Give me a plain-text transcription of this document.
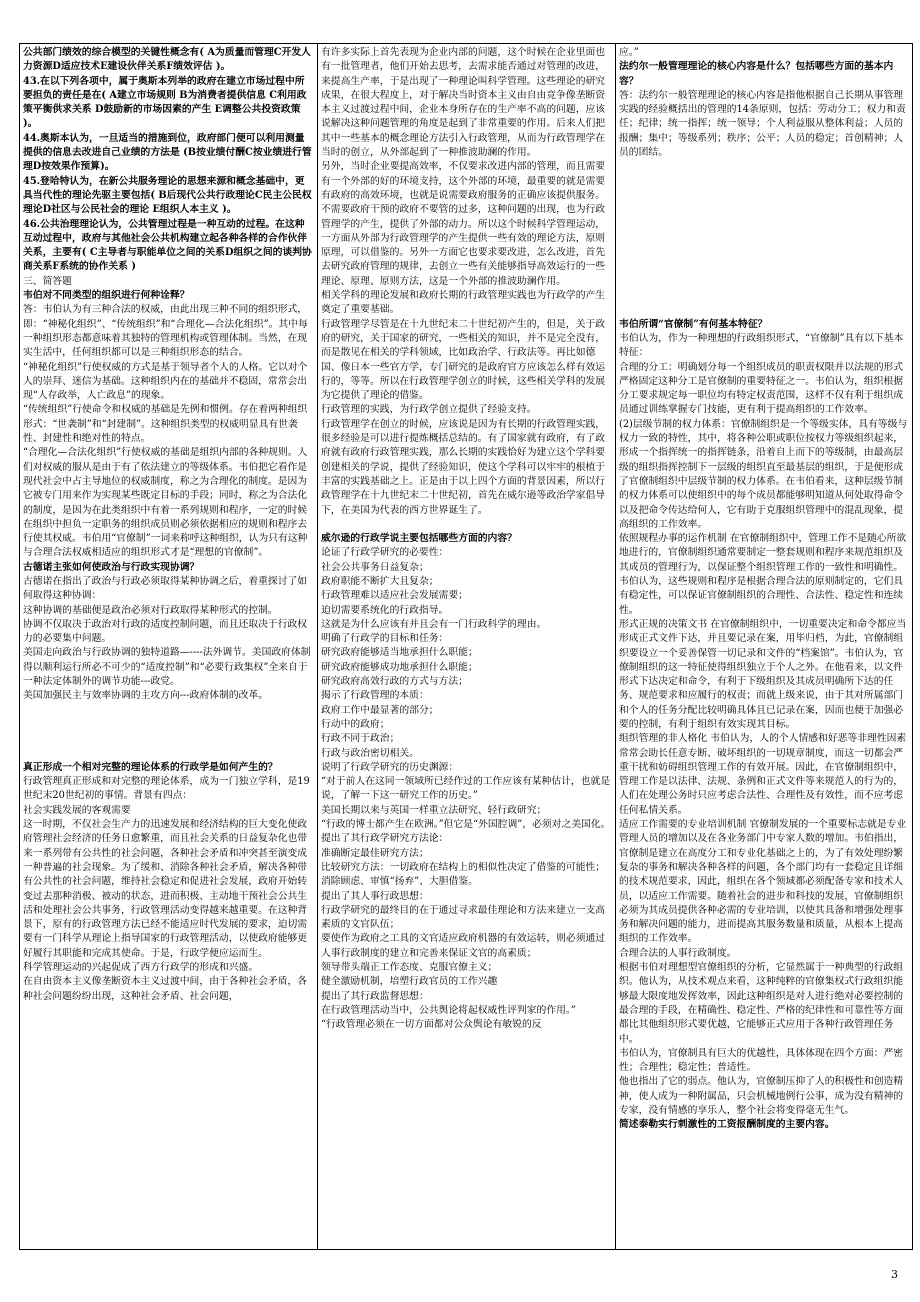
公共部门绩效的综合模型的关键性概念有( A为质量而管理C开发人力资源D适应技术E建设伙伴关系F绩效评估 )。

43.在以下列各项中，属于奥斯本列举的政府在建立市场过程中所要担负的责任是在( A建立市场规则 B为消费者提供信息 C利用政策平衡供求关系 D鼓励新的市场因素的产生 E调整公共投资政策 )。

44.奥斯本认为，一旦适当的措施到位，政府部门便可以利用测量提供的信息去改进自己业绩的方法是 (B按业绩付酬C按业绩进行管理D按效果作预算)。

45.登哈特认为，在新公共服务理论的思想来源和概念基础中，更具当代性的理论先驱主要包括( B后现代公共行政理论C民主公民权理论D社区与公民社会的理论 E组织人本主义 )。

46.公共治理理论认为，公共管理过程是一种互动的过程。在这种互动过程中，政府与其他社会公共机构建立起各种各样的合作伙伴关系，主要有( C主导者与职能单位之间的关系D组织之间的谈判协商关系F系统的协作关系 )

三、简答题

韦伯对不同类型的组织进行何种诠释？

答：韦伯认为有三种合法的权威，由此出现三种不同的组织形式，即：“神秘化组织”、“传统组织”和“合理化—合法化组织”。其中每一种组织形态都意味着其独特的管理机构或管理体制。当然，在现实生活中，任何组织都可以是三种组织形态的结合。

“神秘化组织”行使权威的方式是基于领导者个人的人格。它以对个人的崇拜、迷信为基础。这种组织内在的基础并不稳固，常常会出现“人存政举，人亡政息”的现象。

“传统组织”行使命令和权威的基础是先例和惯例。存在着两种组织形式：“世袭制”和“封建制”。这种组织类型的权威明显具有世袭性、封建性和绝对性的特点。

“合理化—合法化组织”行使权威的基础是组织内部的各种规则。人们对权威的服从是由于有了依法建立的等级体系。韦伯把它看作是现代社会中占主导地位的权威制度，称之为合理化的制度。是因为它被专门用来作为实现某些既定目标的手段；同时，称之为合法化的制度，是因为在此类组织中有着一系列规则和程序，一定的时候在组织中担负一定职务的组织成员则必须依据相应的规则和程序去行使其权威。韦伯用“官僚制”一词来称呼这种组织，认为只有这种与合理合法权威相适应的组织形式才是“理想的官僚制”。

古德诺主张如何使政治与行政实现协调？

古德诺在指出了政治与行政必须取得某种协调之后，着重探讨了如何取得这种协调：

这种协调的基础便是政治必须对行政取得某种形式的控制。

协调不仅取决于政治对行政的适度控制问题，而且还取决于行政权力的必要集中问题。

美国走向政治与行政协调的独特道路—----法外调节。美国政府体制得以顺利运行所必不可少的“适度控制”和“必要行政集权”全来自于一种法定体制外的调节功能---政党。

美国加强民主与效率协调的主攻方向---政府体制的改革。

真正形成一个相对完整的理论体系的行政学是如何产生的？

行政管理真正形成和对完整的理论体系，成为一门独立学科，是19世纪末20世纪初的事情。背景有四点：

社会实践发展的客观需要

这一时期，不仅社会生产力的迅速发展和经济结构的巨大变化使政府管理社会经济的任务日愈繁重，而且社会关系的日益复杂化也带来一系列带有公共性的社会问题，各种社会矛盾和冲突甚至演变成一种普遍的社会现象。为了缓和、消除各种社会矛盾，解决各种带有公共性的社会问题，维持社会稳定和促进社会发展，政府开始转变过去那种消极、被动的状态，进而积极、主动地干预社会公共生活和处理社会公共事务，行政管理活动变得越来越重要。在这种背景下，原有的行政管理方法已经不能适应时代发展的要求，迫切需要有一门科学从理论上指导国家的行政管理活动，以使政府能够更好履行其职能和完成其使命。于是，行政学便应运而生。

科学管理运动的兴起促成了西方行政学的形成和兴盛。

在自由资本主义像垄断资本主义过渡中间，由于各种社会矛盾，各种社会问题纷纷出现，这种社会矛盾、社会问题，

有许多实际上首先表现为企业内部的问题，这个时候在企业里面也有一批管理者，他们开始去思考，去需求能否通过对管理的改进，来提高生产率，于是出现了一种理论叫科学管理。这些理论的研究成果，在很大程度上，对于解决当时资本主义由自由竞争像垄断资本主义过渡过程中间，企业本身所存在的生产率不高的问题，应该说解决这种问题管理的角度是起到了非常重要的作用。后来人们把其中一些基本的概念理论方法引入行政管理，从而为行政管理学在当时的创立，从外部起到了一种推波助澜的作用。

另外，当时企业要提高效率，不仅要求改进内部的管理，而且需要有一个外部的好的环境支持，这个外部的环境，最重要的就是需要有政府的高效环境，也就是说需要政府服务的正确应该提供服务。不需要政府干预的政府不要管的过多，这种问题的出现，也为行政管理学的产生，提供了外部的动力。所以这个时候科学管理运动，一方面从外部为行政管理学的产生提供一些有效的理论方法，原则原理，可以借鉴的。另外一方面它也要求要改进，怎么改进，首先去研究政府管理的规律，去创立一些有关能够指导高效运行的一些理论、原理、原则方法，这是一个外部的推波助澜作用。

相关学科的理论发展和政府长期的行政管理实践也为行政学的产生奠定了重要基础。

行政管理学尽管是在十九世纪末二十世纪初产生的，但是，关于政府的研究，关于国家的研究，一些相关的知识，并不是完全没有，而是散见在相关的学科领域，比如政治学、行政法等。再比如德国、像日本一些官方学，专门研究的是政府官方应该怎么样有效运行的，等等。所以在行政管理学创立的时候，这些相关学科的发展为它提供了理论的借鉴。

行政管理的实践，为行政学创立提供了经验支持。

行政管理学在创立的时候，应该说是因为有长期的行政管理实践，很多经验是可以进行提炼概括总结的。有了国家就有政府，有了政府就有政府行政管理实践，那么长期的实践恰好为建立这个学科要创建相关的学说，提供了经验知识，使这个学科可以牢牢的根植于丰富的实践基础之上。正是由于以上四个方面的背景因素，所以行政管理学在十九世纪末二十世纪初，首先在威尔逊等政治学家倡导下，在美国为代表的西方世界诞生了。

威尔逊的行政学说主要包括哪些方面的内容？

论证了行政学研究的必要性：

社会公共事务日益复杂；

政府职能不断扩大且复杂；

行政管理难以适应社会发展需要；

迫切需要系统化的行政指导。

这就是为什么应该有并且会有一门行政科学的理由。

明确了行政学的目标和任务：

研究政府能够适当地承担什么职能；

研究政府能够成功地承担什么职能；

研究政府高效行政的方式与方法；

揭示了行政管理的本质：

政府工作中最显著的部分；

行动中的政府；

行政不同于政治；

行政与政治密切相关。

说明了行政学研究的历史渊源：

“对于前人在这同一领域所已经作过的工作应该有某种估计，也就是说，了解一下这一研究工作的历史。”

美国长期以来与英国一样重立法研究、轻行政研究；

“行政的博士都产生在欧洲。”但它是“外国腔调”，必须对之美国化。

提出了其行政学研究方法论：

准确断定最佳研究方法；

比较研究方法：一切政府在结构上的相似性决定了借鉴的可能性；

消除顾虑、审慎“扬弃”、大胆借鉴。

提出了其人事行政思想：

行政学研究的最终目的在于通过寻求最佳理论和方法来建立一支高素质的文官队伍；

要使作为政府之工具的文官适应政府机器的有效运转，则必须通过人事行政制度的建立和完善来保证文官的高素质；

领导带头端正工作态度、克服官僚主义；

健全激励机制，培塑行政官员的工作兴趣

提出了其行政监督思想：

在行政管理活动当中，公共舆论将起权威性评判家的作用。”

“行政管理必须在一切方面都对公众舆论有敏锐的反

应。”

法约尔一般管理理论的核心内容是什么？包括哪些方面的基本内容？

答：法约尔一般管理理论的核心内容是指他根据自己长期从事管理实践的经验概括出的管理的14条原则，包括：劳动分工；权力和责任；纪律；统一指挥；统一领导；个人利益服从整体利益；人员的报酬；集中；等级系列；秩序；公平；人员的稳定；首创精神；人员的团结。

韦伯所谓“官僚制”有何基本特征？

韦伯认为，作为一种理想的行政组织形式，“官僚制”具有以下基本特征：

合理的分工：明确划分每一个组织成员的职责权限并以法规的形式严格固定这种分工是官僚制的重要特征之一。韦伯认为，组织根据分工要求规定每一职位均有特定权责范围，这样不仅有利于组织成员通过训练掌握专门技能，更有利于提高组织的工作效率。

(2)层级节制的权力体系：官僚制组织是一个等级实体，具有等级与权力一致的特性，其中，将各种公职或职位按权力等级组织起来，形成一个指挥统一的指挥链条，沿着自上而下的等级制，由最高层级的组织指挥控制下一层级的组织直至最基层的组织，于是便形成了官僚制组织中层级节制的权力体系。在韦伯看来，这种层级节制的权力体系可以使组织中的每个成员都能够明知道从何处取得命令以及把命令传达给何人，它有助于克服组织管理中的混乱现象，提高组织的工作效率。

依照规程办事的运作机制 在官僚制组织中，管理工作不是随心所欲地进行的，官僚制组织通常要制定一整套规则和程序来规范组织及其成员的管理行为，以保证整个组织管理工作的一致性和明确性。韦伯认为，这些规则和程序是根据合理合法的原则制定的，它们具有稳定性，可以保证官僚制组织的合理性、合法性、稳定性和连续性。

形式正规的决策文书 在官僚制组织中，一切重要决定和命令都应当形成正式文件下达，并且要记录在案，用毕归档，为此，官僚制组织要设立一个妥善保管一切记录和文件的“档案馆”。韦伯认为，官僚制组织的这一特征使得组织独立于个人之外。在他看来，以文件形式下达决定和命令，有利于下级组织及其成员明确所下达的任务、规范要求和应履行的权责；而就上级来说，由于其对所属部门和个人的任务分配比较明确具体且已记录在案，因而也便于加强必要的控制，有利于组织有效实现其目标。

组织管理的非人格化 韦伯认为，人的个人情感和好恶等非理性因素常常会助长任意专断、破坏组织的一切规章制度，而这一切都会严重干扰和妨碍组织管理工作的有效开展。因此，在官僚制组织中，管理工作是以法律、法规、条例和正式文件等来规范人的行为的，人们在处理公务时只应考虑合法性、合理性及有效性，而不应考虑任何私情关系。

适应工作需要的专业培训机制 官僚制发展的一个重要标志就是专业管理人员的增加以及在各业务部门中专家人数的增加。韦伯指出，官僚制是建立在高度分工和专业化基础之上的，为了有效处理纷繁复杂的事务和解决各种各样的问题，各个部门均有一套稳定且详细的技术规范要求，因此，组织在各个领域都必须配备专家和技术人员，以适应工作需要。随着社会的进步和科技的发展，官僚制组织必须为其成员提供各种必需的专业培训，以使其具备和增强处理事务和解决问题的能力，进而提高其服务数量和质量，从根本上提高组织的工作效率。

合理合法的人事行政制度。

根据韦伯对理想型官僚组织的分析，它显然属于一种典型的行政组织。他认为，从技术观点来看，这种纯粹的官僚集权式行政组织能够最大限度地发挥效率，因此这种组织是对人进行绝对必要控制的最合理的手段，在精确性、稳定性、严格的纪律性和可靠性等方面都比其他组织形式要优越，它能够正式应用于各种行政管理任务中。

韦伯认为，官僚制具有巨大的优越性，具体体现在四个方面：严密性；合理性；稳定性；普适性。

他也指出了它的弱点。他认为，官僚制压抑了人的积极性和创造精神，使人成为一种附属品，只会机械地例行公事，成为没有精神的专家，没有情感的享乐人，整个社会将变得毫无生气。

简述泰勒实行刺激性的工资报酬制度的主要内容。

3
